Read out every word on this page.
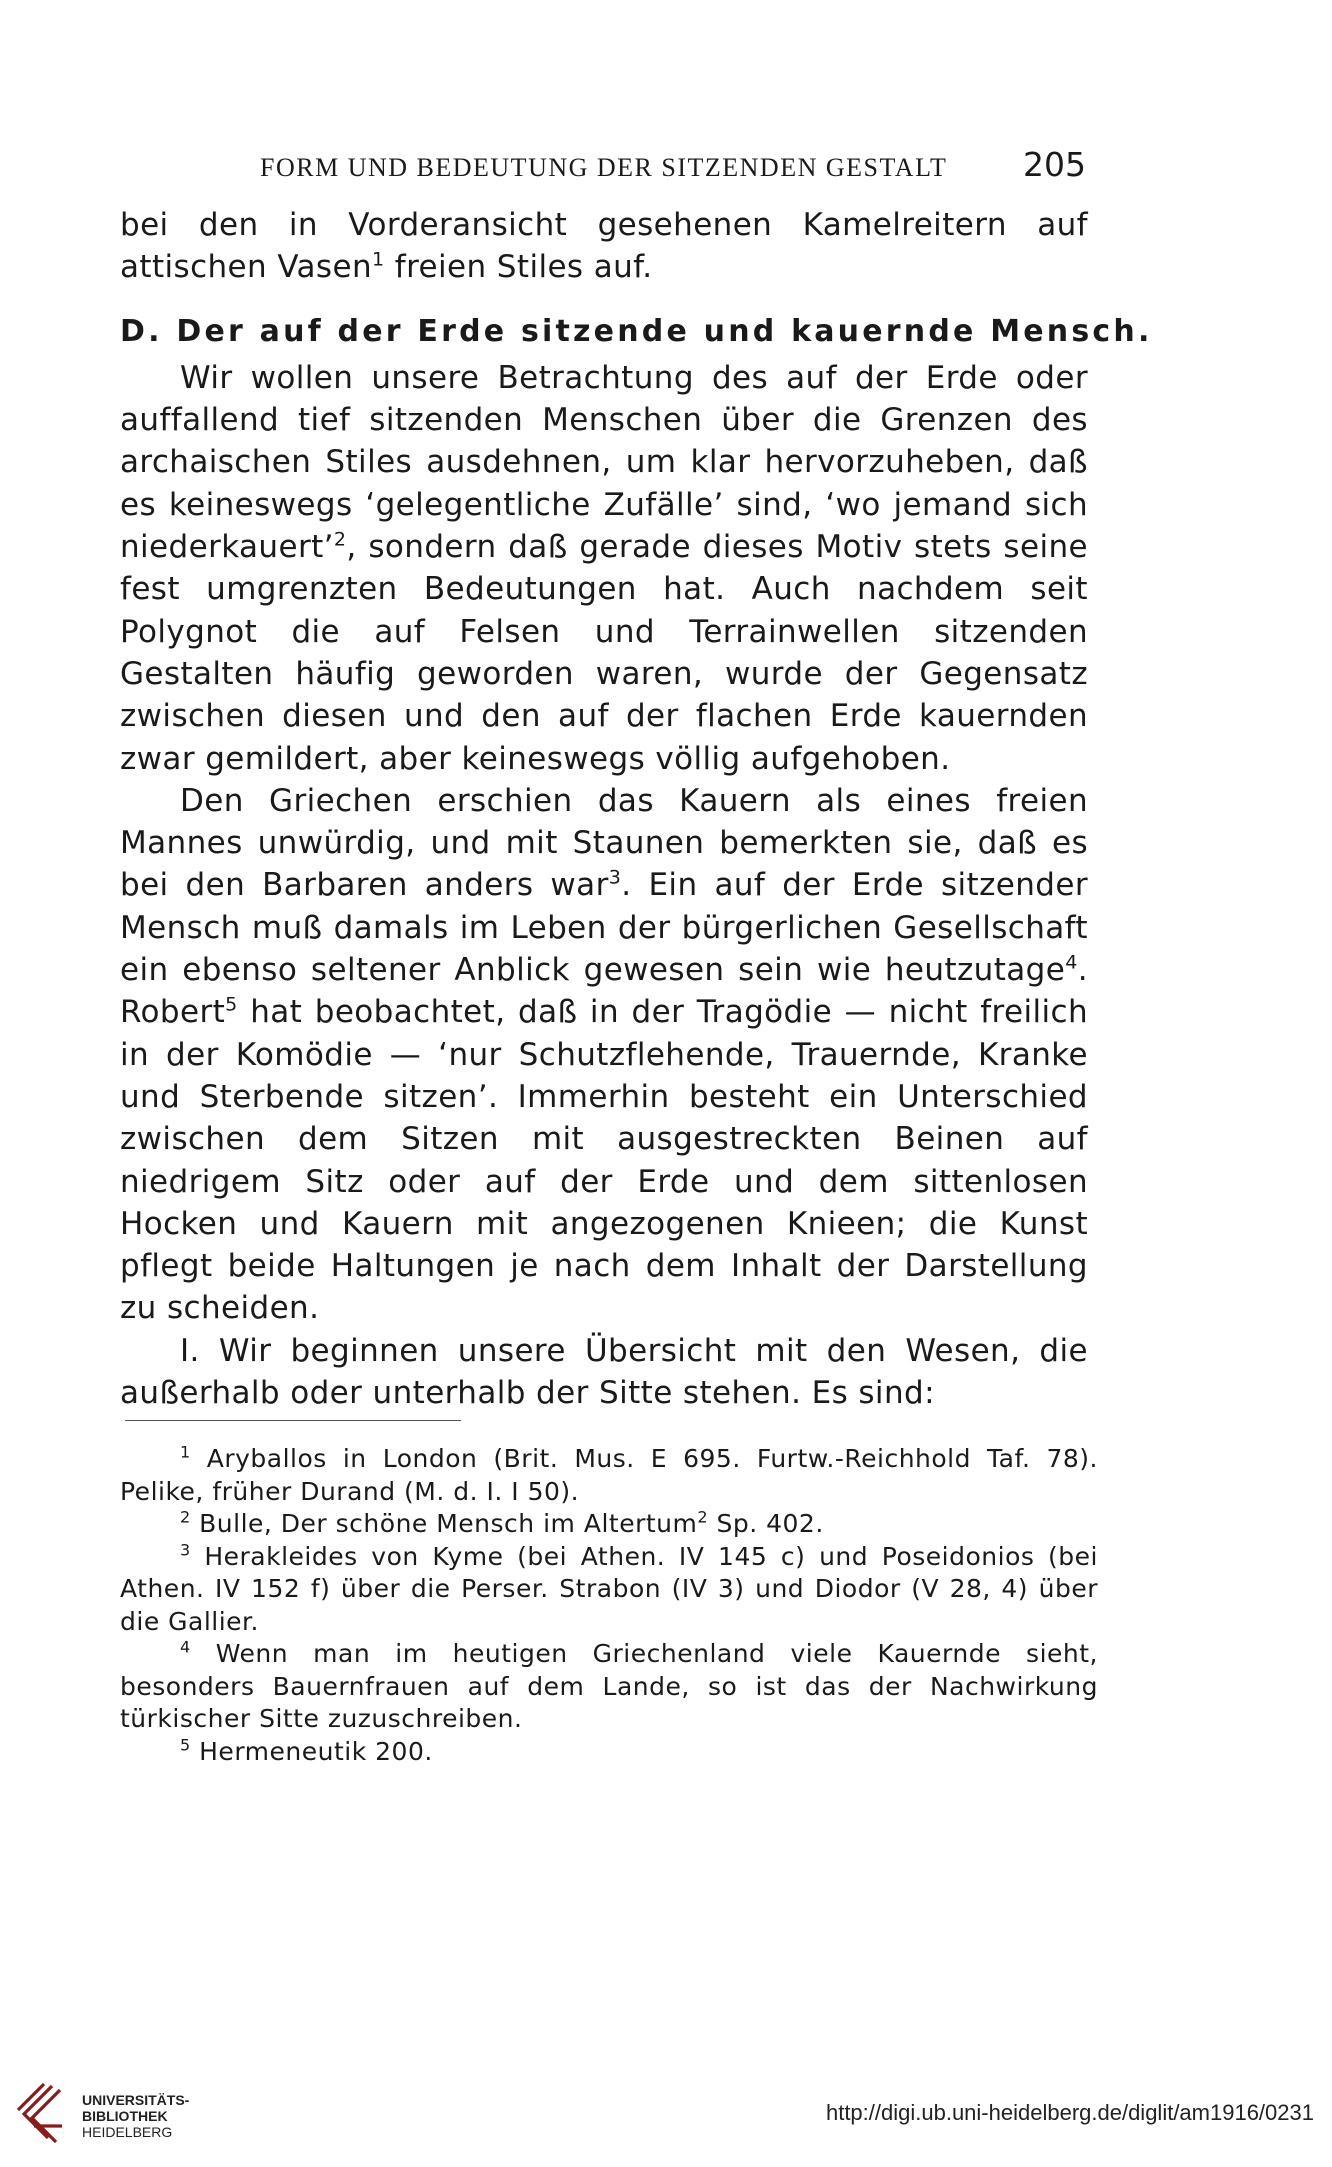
FORM UND BEDEUTUNG DER SITZENDEN GESTALT 205

bei den in Vorderansicht gesehenen Kamelreitern auf attischen Vasen$^1$ freien Stiles auf.

D. Der auf der Erde sitzende und kauernde Mensch.

Wir wollen unsere Betrachtung des auf der Erde oder auffallend tief sitzenden Menschen über die Grenzen des archaischen Stiles ausdehnen, um klar hervorzuheben, daß es keineswegs ‘gelegentliche Zufälle’ sind, ‘wo jemand sich niederkauert’$^2$, sondern daß gerade dieses Motiv stets seine fest umgrenzten Bedeutungen hat. Auch nachdem seit Polygnot die auf Felsen und Terrainwellen sitzenden Gestalten häufig geworden waren, wurde der Gegensatz zwischen diesen und den auf der flachen Erde kauernden zwar gemildert, aber keineswegs völlig aufgehoben.

Den Griechen erschien das Kauern als eines freien Mannes unwürdig, und mit Staunen bemerkten sie, daß es bei den Barbaren anders war$^3$. Ein auf der Erde sitzender Mensch muß damals im Leben der bürgerlichen Gesellschaft ein ebenso seltener Anblick gewesen sein wie heutzutage$^4$. Robert$^5$ hat beobachtet, daß in der Tragödie — nicht freilich in der Komödie — ‘nur Schutzflehende, Trauernde, Kranke und Sterbende sitzen’. Immerhin besteht ein Unterschied zwischen dem Sitzen mit ausgestreckten Beinen auf niedrigem Sitz oder auf der Erde und dem sittenlosen Hocken und Kauern mit angezogenen Knieen; die Kunst pflegt beide Haltungen je nach dem Inhalt der Darstellung zu scheiden.

I. Wir beginnen unsere Übersicht mit den Wesen, die außerhalb oder unterhalb der Sitte stehen. Es sind:

$^1$ Aryballos in London (Brit. Mus. E 695. Furtw.-Reichhold Taf. 78). Pelike, früher Durand (M. d. I. I 50).

$^2$ Bulle, Der schöne Mensch im Altertum$^2$ Sp. 402.

$^3$ Herakleides von Kyme (bei Athen. IV 145 c) und Poseidonios (bei Athen. IV 152 f) über die Perser. Strabon (IV 3) und Diodor (V 28, 4) über die Gallier.

$^4$ Wenn man im heutigen Griechenland viele Kauernde sieht, besonders Bauernfrauen auf dem Lande, so ist das der Nachwirkung türkischer Sitte zuzuschreiben.

$^5$ Hermeneutik 200.

UNIVERSITÄTS-
BIBLIOTHEK
HEIDELBERG
http://digi.ub.uni-heidelberg.de/diglit/am1916/0231
